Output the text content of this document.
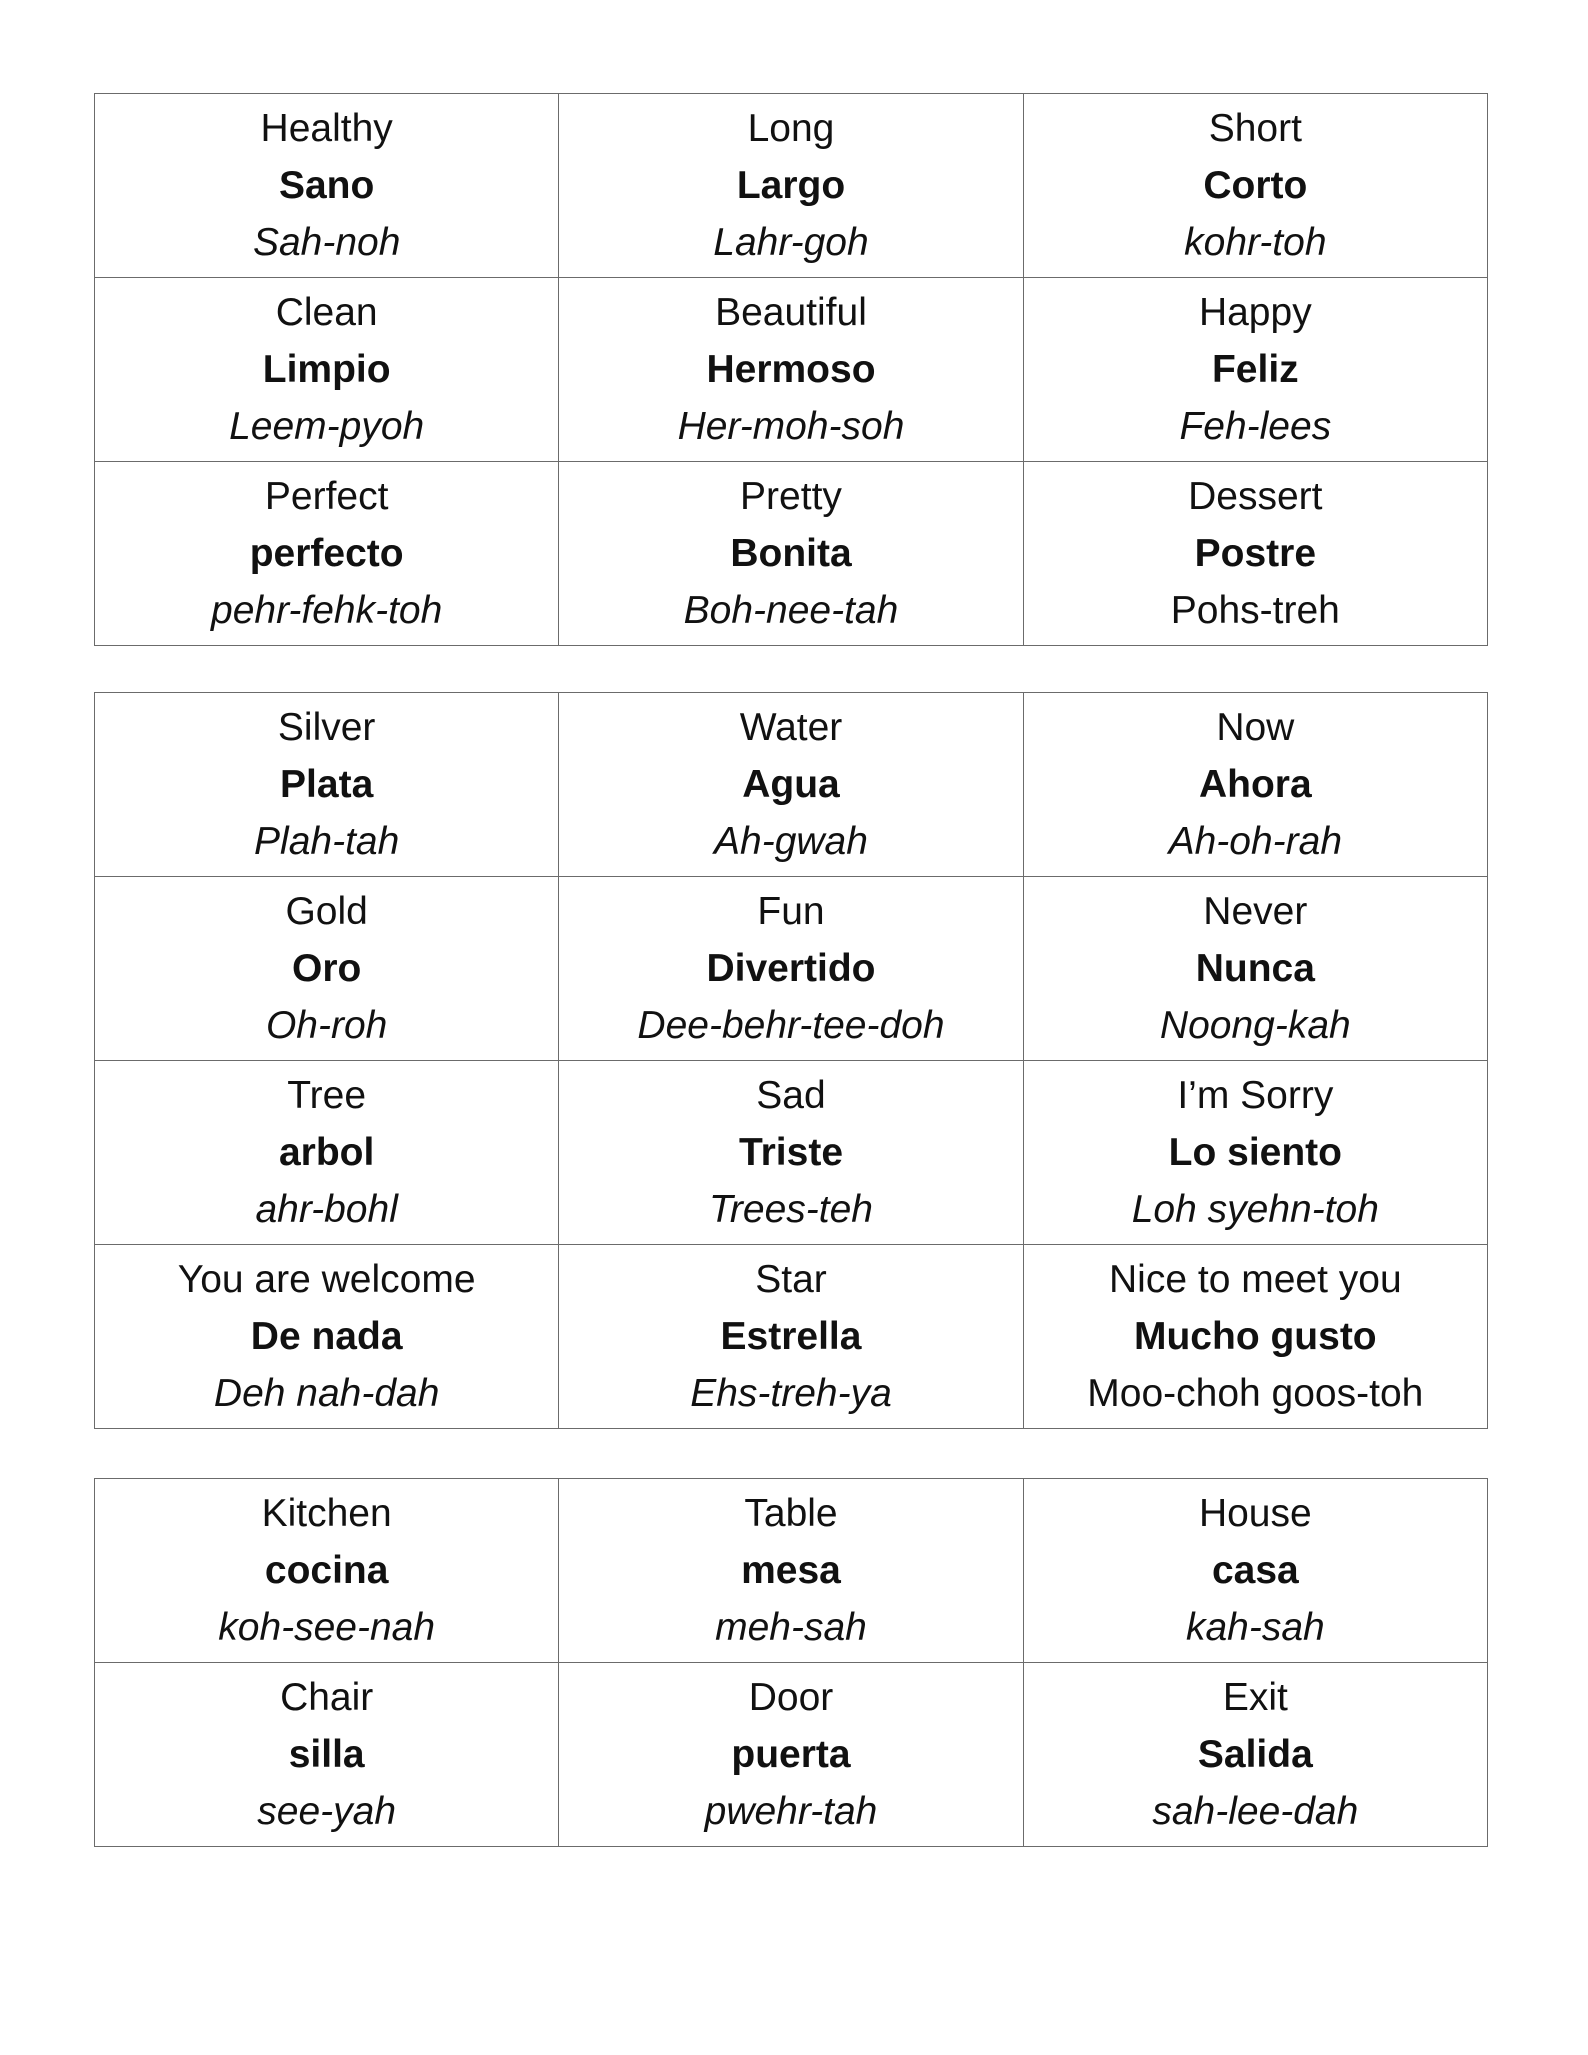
Healthy
Sano
Sah-noh	Long
Largo
Lahr-goh	Short
Corto
kohr-toh

Clean
Limpio
Leem-pyoh	Beautiful
Hermoso
Her-moh-soh	Happy
Feliz
Feh-lees

Perfect
perfecto
pehr-fehk-toh	Pretty
Bonita
Boh-nee-tah	Dessert
Postre
Pohs-treh
Silver
Plata
Plah-tah	Water
Agua
Ah-gwah	Now
Ahora
Ah-oh-rah

Gold
Oro
Oh-roh	Fun
Divertido
Dee-behr-tee-doh	Never
Nunca
Noong-kah

Tree
arbol
ahr-bohl	Sad
Triste
Trees-teh	I’m Sorry
Lo siento
Loh syehn-toh

You are welcome
De nada
Deh nah-dah	Star
Estrella
Ehs-treh-ya	Nice to meet you
Mucho gusto
Moo-choh goos-toh
Kitchen
cocina
koh-see-nah	Table
mesa
meh-sah	House
casa
kah-sah

Chair
silla
see-yah	Door
puerta
pwehr-tah	Exit
Salida
sah-lee-dah
